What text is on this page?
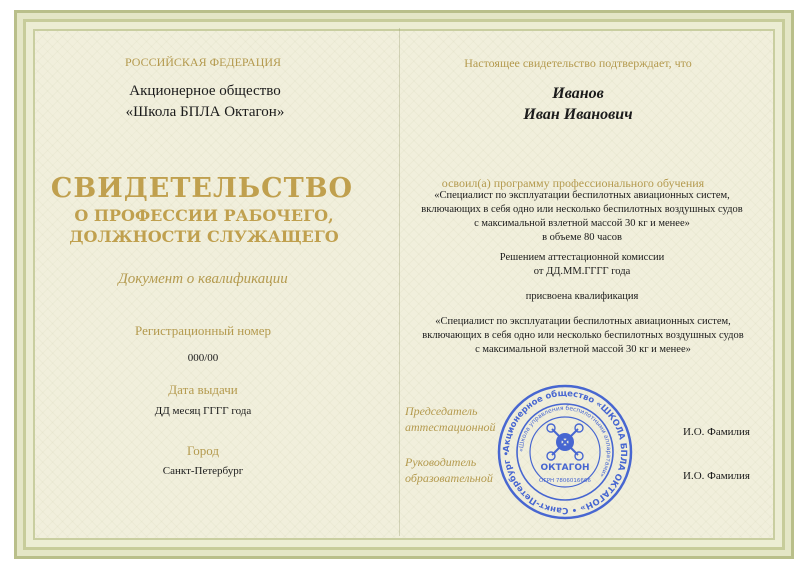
РОССИЙСКАЯ ФЕДЕРАЦИЯ

Акционерное общество

«Школа БПЛА Октагон»

СВИДЕТЕЛЬСТВО

О ПРОФЕССИИ РАБОЧЕГО,

ДОЛЖНОСТИ СЛУЖАЩЕГО

Документ о квалификации

Регистрационный номер

000/00

Дата выдачи

ДД месяц ГГГГ года

Город

Санкт-Петербург

Настоящее свидетельство подтверждает, что

Иванов

Иван Иванович

освоил(а) программу профессионального обучения

«Специалист по эксплуатации беспилотных авиационных систем,

включающих в себя одно или несколько беспилотных воздушных судов

с максимальной взлетной массой 30 кг и менее»

в объеме 80 часов

Решением аттестационной комиссии

от ДД.ММ.ГГГГ года

присвоена квалификация

«Специалист по эксплуатации беспилотных авиационных систем,

включающих в себя одно или несколько беспилотных воздушных судов

с максимальной взлетной массой 30 кг и менее»

Председатель

аттестационной	И.О. Фамилия

Руководитель

образовательной	И.О. Фамилия

Акционерное общество «ШКОЛА БПЛА ОКТАГОН» • Санкт-Петербург •
«Школа управления беспилотными аппаратами»
ОКТАГОН
ОГРН 7806016666
